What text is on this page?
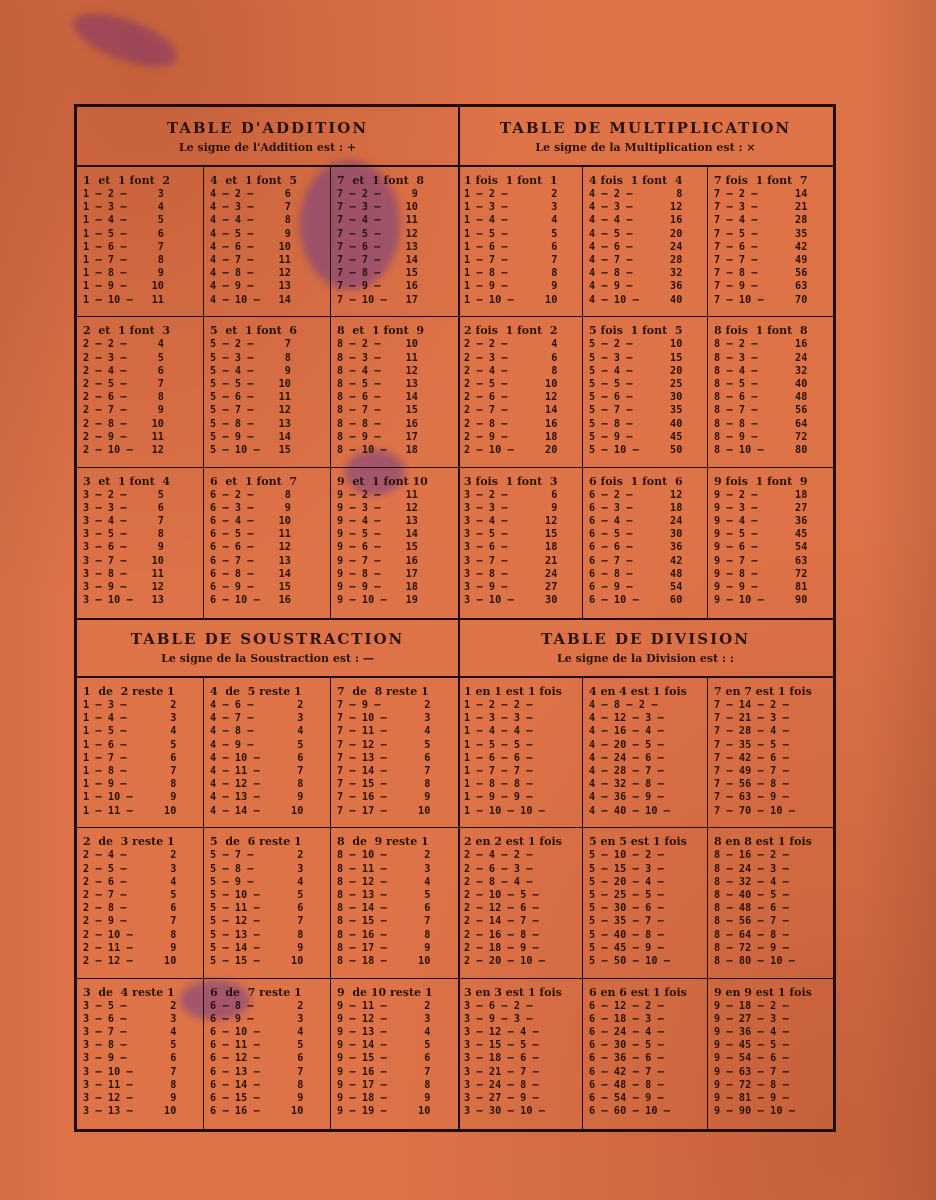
TABLE D'ADDITION
Le signe de l'Addition est : +
1  et  1 font  2
1 — 2 —     3
1 — 3 —     4
1 — 4 —     5
1 — 5 —     6
1 — 6 —     7
1 — 7 —     8
1 — 8 —     9
1 — 9 —    10
1 — 10 —   11
4  et  1 font  5
4 — 2 —     6
4 — 3 —     7
4 — 4 —     8
4 — 5 —     9
4 — 6 —    10
4 — 7 —    11
4 — 8 —    12
4 — 9 —    13
4 — 10 —   14
7  et  1 font  8
7 — 2 —     9
7 — 3 —    10
7 — 4 —    11
7 — 5 —    12
7 — 6 —    13
7 — 7 —    14
7 — 8 —    15
7 — 9 —    16
7 — 10 —   17
2  et  1 font  3
2 — 2 —     4
2 — 3 —     5
2 — 4 —     6
2 — 5 —     7
2 — 6 —     8
2 — 7 —     9
2 — 8 —    10
2 — 9 —    11
2 — 10 —   12
5  et  1 font  6
5 — 2 —     7
5 — 3 —     8
5 — 4 —     9
5 — 5 —    10
5 — 6 —    11
5 — 7 —    12
5 — 8 —    13
5 — 9 —    14
5 — 10 —   15
8  et  1 font  9
8 — 2 —    10
8 — 3 —    11
8 — 4 —    12
8 — 5 —    13
8 — 6 —    14
8 — 7 —    15
8 — 8 —    16
8 — 9 —    17
8 — 10 —   18
3  et  1 font  4
3 — 2 —     5
3 — 3 —     6
3 — 4 —     7
3 — 5 —     8
3 — 6 —     9
3 — 7 —    10
3 — 8 —    11
3 — 9 —    12
3 — 10 —   13
6  et  1 font  7
6 — 2 —     8
6 — 3 —     9
6 — 4 —    10
6 — 5 —    11
6 — 6 —    12
6 — 7 —    13
6 — 8 —    14
6 — 9 —    15
6 — 10 —   16
9  et  1 font 10
9 — 2 —    11
9 — 3 —    12
9 — 4 —    13
9 — 5 —    14
9 — 6 —    15
9 — 7 —    16
9 — 8 —    17
9 — 9 —    18
9 — 10 —   19
TABLE DE MULTIPLICATION
Le signe de la Multiplication est : ×
1 fois  1 font  1
1 — 2 —       2
1 — 3 —       3
1 — 4 —       4
1 — 5 —       5
1 — 6 —       6
1 — 7 —       7
1 — 8 —       8
1 — 9 —       9
1 — 10 —     10
4 fois  1 font  4
4 — 2 —       8
4 — 3 —      12
4 — 4 —      16
4 — 5 —      20
4 — 6 —      24
4 — 7 —      28
4 — 8 —      32
4 — 9 —      36
4 — 10 —     40
7 fois  1 font  7
7 — 2 —      14
7 — 3 —      21
7 — 4 —      28
7 — 5 —      35
7 — 6 —      42
7 — 7 —      49
7 — 8 —      56
7 — 9 —      63
7 — 10 —     70
2 fois  1 font  2
2 — 2 —       4
2 — 3 —       6
2 — 4 —       8
2 — 5 —      10
2 — 6 —      12
2 — 7 —      14
2 — 8 —      16
2 — 9 —      18
2 — 10 —     20
5 fois  1 font  5
5 — 2 —      10
5 — 3 —      15
5 — 4 —      20
5 — 5 —      25
5 — 6 —      30
5 — 7 —      35
5 — 8 —      40
5 — 9 —      45
5 — 10 —     50
8 fois  1 font  8
8 — 2 —      16
8 — 3 —      24
8 — 4 —      32
8 — 5 —      40
8 — 6 —      48
8 — 7 —      56
8 — 8 —      64
8 — 9 —      72
8 — 10 —     80
3 fois  1 font  3
3 — 2 —       6
3 — 3 —       9
3 — 4 —      12
3 — 5 —      15
3 — 6 —      18
3 — 7 —      21
3 — 8 —      24
3 — 9 —      27
3 — 10 —     30
6 fois  1 font  6
6 — 2 —      12
6 — 3 —      18
6 — 4 —      24
6 — 5 —      30
6 — 6 —      36
6 — 7 —      42
6 — 8 —      48
6 — 9 —      54
6 — 10 —     60
9 fois  1 font  9
9 — 2 —      18
9 — 3 —      27
9 — 4 —      36
9 — 5 —      45
9 — 6 —      54
9 — 7 —      63
9 — 8 —      72
9 — 9 —      81
9 — 10 —     90
TABLE DE SOUSTRACTION
Le signe de la Soustraction est : —
1  de  2 reste 1
1 — 3 —       2
1 — 4 —       3
1 — 5 —       4
1 — 6 —       5
1 — 7 —       6
1 — 8 —       7
1 — 9 —       8
1 — 10 —      9
1 — 11 —     10
4  de  5 reste 1
4 — 6 —       2
4 — 7 —       3
4 — 8 —       4
4 — 9 —       5
4 — 10 —      6
4 — 11 —      7
4 — 12 —      8
4 — 13 —      9
4 — 14 —     10
7  de  8 reste 1
7 — 9 —       2
7 — 10 —      3
7 — 11 —      4
7 — 12 —      5
7 — 13 —      6
7 — 14 —      7
7 — 15 —      8
7 — 16 —      9
7 — 17 —     10
2  de  3 reste 1
2 — 4 —       2
2 — 5 —       3
2 — 6 —       4
2 — 7 —       5
2 — 8 —       6
2 — 9 —       7
2 — 10 —      8
2 — 11 —      9
2 — 12 —     10
5  de  6 reste 1
5 — 7 —       2
5 — 8 —       3
5 — 9 —       4
5 — 10 —      5
5 — 11 —      6
5 — 12 —      7
5 — 13 —      8
5 — 14 —      9
5 — 15 —     10
8  de  9 reste 1
8 — 10 —      2
8 — 11 —      3
8 — 12 —      4
8 — 13 —      5
8 — 14 —      6
8 — 15 —      7
8 — 16 —      8
8 — 17 —      9
8 — 18 —     10
3  de  4 reste 1
3 — 5 —       2
3 — 6 —       3
3 — 7 —       4
3 — 8 —       5
3 — 9 —       6
3 — 10 —      7
3 — 11 —      8
3 — 12 —      9
3 — 13 —     10
6  de  7 reste 1
6 — 8 —       2
6 — 9 —       3
6 — 10 —      4
6 — 11 —      5
6 — 12 —      6
6 — 13 —      7
6 — 14 —      8
6 — 15 —      9
6 — 16 —     10
9  de 10 reste 1
9 — 11 —      2
9 — 12 —      3
9 — 13 —      4
9 — 14 —      5
9 — 15 —      6
9 — 16 —      7
9 — 17 —      8
9 — 18 —      9
9 — 19 —     10
TABLE DE DIVISION
Le signe de la Division est : :
1 en 1 est 1 fois
1 — 2 — 2 —
1 — 3 — 3 —
1 — 4 — 4 —
1 — 5 — 5 —
1 — 6 — 6 —
1 — 7 — 7 —
1 — 8 — 8 —
1 — 9 — 9 —
1 — 10 — 10 —
4 en 4 est 1 fois
4 — 8 — 2 —
4 — 12 — 3 —
4 — 16 — 4 —
4 — 20 — 5 —
4 — 24 — 6 —
4 — 28 — 7 —
4 — 32 — 8 —
4 — 36 — 9 —
4 — 40 — 10 —
7 en 7 est 1 fois
7 — 14 — 2 —
7 — 21 — 3 —
7 — 28 — 4 —
7 — 35 — 5 —
7 — 42 — 6 —
7 — 49 — 7 —
7 — 56 — 8 —
7 — 63 — 9 —
7 — 70 — 10 —
2 en 2 est 1 fois
2 — 4 — 2 —
2 — 6 — 3 —
2 — 8 — 4 —
2 — 10 — 5 —
2 — 12 — 6 —
2 — 14 — 7 —
2 — 16 — 8 —
2 — 18 — 9 —
2 — 20 — 10 —
5 en 5 est 1 fois
5 — 10 — 2 —
5 — 15 — 3 —
5 — 20 — 4 —
5 — 25 — 5 —
5 — 30 — 6 —
5 — 35 — 7 —
5 — 40 — 8 —
5 — 45 — 9 —
5 — 50 — 10 —
8 en 8 est 1 fois
8 — 16 — 2 —
8 — 24 — 3 —
8 — 32 — 4 —
8 — 40 — 5 —
8 — 48 — 6 —
8 — 56 — 7 —
8 — 64 — 8 —
8 — 72 — 9 —
8 — 80 — 10 —
3 en 3 est 1 fois
3 — 6 — 2 —
3 — 9 — 3 —
3 — 12 — 4 —
3 — 15 — 5 —
3 — 18 — 6 —
3 — 21 — 7 —
3 — 24 — 8 —
3 — 27 — 9 —
3 — 30 — 10 —
6 en 6 est 1 fois
6 — 12 — 2 —
6 — 18 — 3 —
6 — 24 — 4 —
6 — 30 — 5 —
6 — 36 — 6 —
6 — 42 — 7 —
6 — 48 — 8 —
6 — 54 — 9 —
6 — 60 — 10 —
9 en 9 est 1 fois
9 — 18 — 2 —
9 — 27 — 3 —
9 — 36 — 4 —
9 — 45 — 5 —
9 — 54 — 6 —
9 — 63 — 7 —
9 — 72 — 8 —
9 — 81 — 9 —
9 — 90 — 10 —
